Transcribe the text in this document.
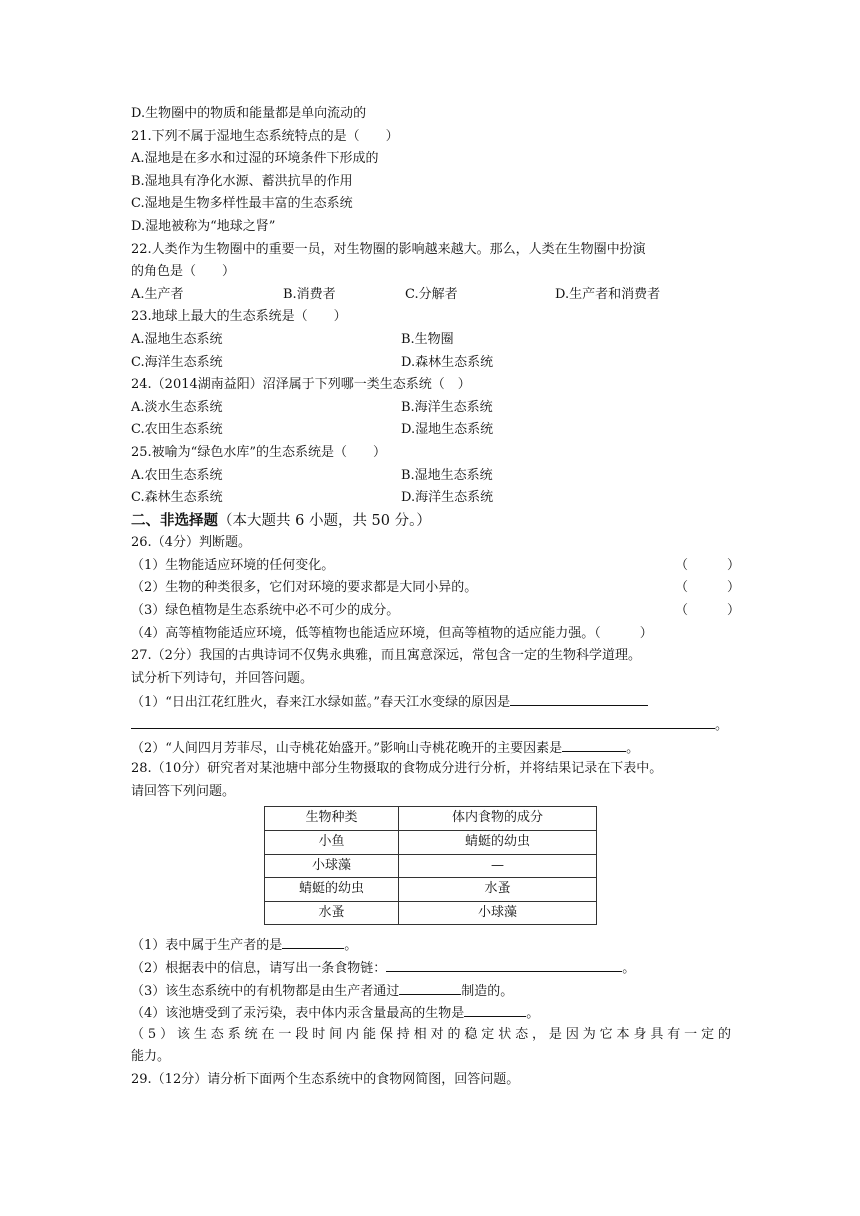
D.生物圈中的物质和能量都是单向流动的
21.下列不属于湿地生态系统特点的是（　　）
A.湿地是在多水和过湿的环境条件下形成的
B.湿地具有净化水源、蓄洪抗旱的作用
C.湿地是生物多样性最丰富的生态系统
D.湿地被称为“地球之肾”
22.人类作为生物圈中的重要一员，对生物圈的影响越来越大。那么，人类在生物圈中扮演
的角色是（　　）
A.生产者	B.消费者	C.分解者	D.生产者和消费者
23.地球上最大的生态系统是（　　）
A.湿地生态系统	B.生物圈
C.海洋生态系统	D.森林生态系统
24.（2014湖南益阳）沼泽属于下列哪一类生态系统（　）
A.淡水生态系统	B.海洋生态系统
C.农田生态系统	D.湿地生态系统
25.被喻为“绿色水库”的生态系统是（　　）
A.农田生态系统	B.湿地生态系统
C.森林生态系统	D.海洋生态系统
二、非选择题（本大题共 6 小题，共 50 分。）
26.（4分）判断题。
（1）生物能适应环境的任何变化。	（　　　）
（2）生物的种类很多，它们对环境的要求都是大同小异的。	（　　　）
（3）绿色植物是生态系统中必不可少的成分。	（　　　）
（4）高等植物能适应环境，低等植物也能适应环境，但高等植物的适应能力强。（　　　）
27.（2分）我国的古典诗词不仅隽永典雅，而且寓意深远，常包含一定的生物科学道理。
试分析下列诗句，并回答问题。
（1）“日出江花红胜火，春来江水绿如蓝。”春天江水变绿的原因是
。
（2）“人间四月芳菲尽，山寺桃花始盛开。”影响山寺桃花晚开的主要因素是	。
28.（10分）研究者对某池塘中部分生物摄取的食物成分进行分析，并将结果记录在下表中。
请回答下列问题。
生物种类	体内食物的成分
小鱼	蜻蜓的幼虫
小球藻	—
蜻蜓的幼虫	水蚤
水蚤	小球藻
（1）表中属于生产者的是	。
（2）根据表中的信息，请写出一条食物链：	。
（3）该生态系统中的有机物都是由生产者通过	制造的。
（4）该池塘受到了汞污染，表中体内汞含量最高的生物是	。
（5）该生态系统在一段时间内能保持相对的稳定状态，是因为它本身具有一定的
能力。
29.（12分）请分析下面两个生态系统中的食物网简图，回答问题。
